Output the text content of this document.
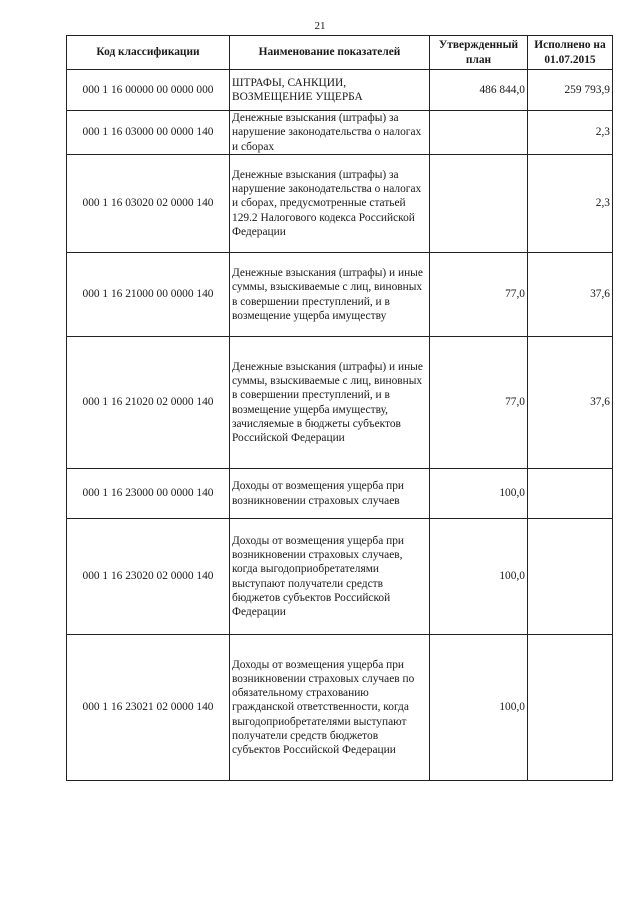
21
Код классификации	Наименование показателей	Утвержденный план	Исполнено на 01.07.2015
000 1 16 00000 00 0000 000	ШТРАФЫ, САНКЦИИ, ВОЗМЕЩЕНИЕ УЩЕРБА	486 844,0	259 793,9
000 1 16 03000 00 0000 140	Денежные взыскания (штрафы) за нарушение законодательства о налогах и сборах		2,3
000 1 16 03020 02 0000 140	Денежные взыскания (штрафы) за нарушение законодательства о налогах и сборах, предусмотренные статьей 129.2 Налогового кодекса Российской Федерации		2,3
000 1 16 21000 00 0000 140	Денежные взыскания (штрафы) и иные суммы, взыскиваемые с лиц, виновных в совершении преступлений, и в возмещение ущерба имуществу	77,0	37,6
000 1 16 21020 02 0000 140	Денежные взыскания (штрафы) и иные суммы, взыскиваемые с лиц, виновных в совершении преступлений, и в возмещение ущерба имуществу, зачисляемые в бюджеты субъектов Российской Федерации	77,0	37,6
000 1 16 23000 00 0000 140	Доходы от возмещения ущерба при возникновении страховых случаев	100,0	
000 1 16 23020 02 0000 140	Доходы от возмещения ущерба при возникновении страховых случаев, когда выгодоприобретателями выступают получатели средств бюджетов субъектов Российской Федерации	100,0	
000 1 16 23021 02 0000 140	Доходы от возмещения ущерба при возникновении страховых случаев по обязательному страхованию гражданской ответственности, когда выгодоприобретателями выступают получатели средств бюджетов субъектов Российской Федерации	100,0	
